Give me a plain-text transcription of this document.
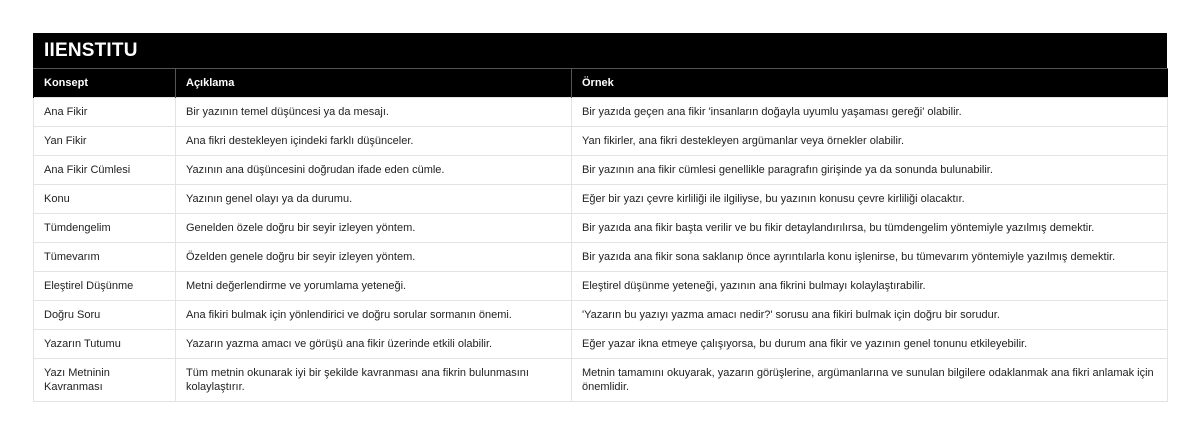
IIENSTITU
Konsept	Açıklama	Örnek
Ana Fikir	Bir yazının temel düşüncesi ya da mesajı.	Bir yazıda geçen ana fikir 'insanların doğayla uyumlu yaşaması gereği' olabilir.
Yan Fikir	Ana fikri destekleyen içindeki farklı düşünceler.	Yan fikirler, ana fikri destekleyen argümanlar veya örnekler olabilir.
Ana Fikir Cümlesi	Yazının ana düşüncesini doğrudan ifade eden cümle.	Bir yazının ana fikir cümlesi genellikle paragrafın girişinde ya da sonunda bulunabilir.
Konu	Yazının genel olayı ya da durumu.	Eğer bir yazı çevre kirliliği ile ilgiliyse, bu yazının konusu çevre kirliliği olacaktır.
Tümdengelim	Genelden özele doğru bir seyir izleyen yöntem.	Bir yazıda ana fikir başta verilir ve bu fikir detaylandırılırsa, bu tümdengelim yöntemiyle yazılmış demektir.
Tümevarım	Özelden genele doğru bir seyir izleyen yöntem.	Bir yazıda ana fikir sona saklanıp önce ayrıntılarla konu işlenirse, bu tümevarım yöntemiyle yazılmış demektir.
Eleştirel Düşünme	Metni değerlendirme ve yorumlama yeteneği.	Eleştirel düşünme yeteneği, yazının ana fikrini bulmayı kolaylaştırabilir.
Doğru Soru	Ana fikiri bulmak için yönlendirici ve doğru sorular sormanın önemi.	'Yazarın bu yazıyı yazma amacı nedir?' sorusu ana fikiri bulmak için doğru bir sorudur.
Yazarın Tutumu	Yazarın yazma amacı ve görüşü ana fikir üzerinde etkili olabilir.	Eğer yazar ikna etmeye çalışıyorsa, bu durum ana fikir ve yazının genel tonunu etkileyebilir.
Yazı Metninin Kavranması	Tüm metnin okunarak iyi bir şekilde kavranması ana fikrin bulunmasını kolaylaştırır.	Metnin tamamını okuyarak, yazarın görüşlerine, argümanlarına ve sunulan bilgilere odaklanmak ana fikri anlamak için önemlidir.
